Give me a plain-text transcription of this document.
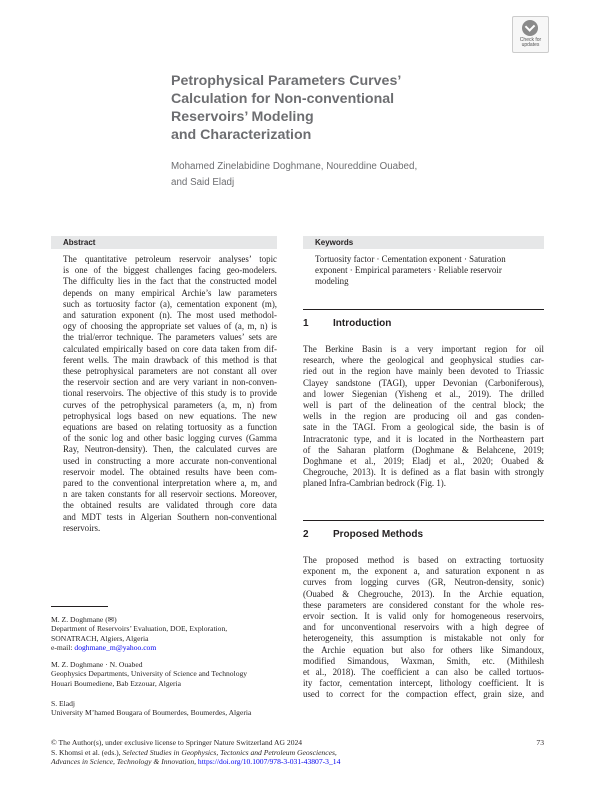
Check for
updates
Petrophysical Parameters Curves’
Calculation for Non-conventional
Reservoirs’ Modeling
and Characterization
Mohamed Zinelabidine Doghmane, Noureddine Ouabed,
and Said Eladj
Abstract
The quantitative petroleum reservoir analyses’ topic
is one of the biggest challenges facing geo-modelers.
The difficulty lies in the fact that the constructed model
depends on many empirical Archie’s law parameters
such as tortuosity factor (a), cementation exponent (m),
and saturation exponent (n). The most used methodol-
ogy of choosing the appropriate set values of (a, m, n) is
the trial/error technique. The parameters values’ sets are
calculated empirically based on core data taken from dif-
ferent wells. The main drawback of this method is that
these petrophysical parameters are not constant all over
the reservoir section and are very variant in non-conven-
tional reservoirs. The objective of this study is to provide
curves of the petrophysical parameters (a, m, n) from
petrophysical logs based on new equations. The new
equations are based on relating tortuosity as a function
of the sonic log and other basic logging curves (Gamma
Ray, Neutron-density). Then, the calculated curves are
used in constructing a more accurate non-conventional
reservoir model. The obtained results have been com-
pared to the conventional interpretation where a, m, and
n are taken constants for all reservoir sections. Moreover,
the obtained results are validated through core data
and MDT tests in Algerian Southern non-conventional
reservoirs.
Keywords
Tortuosity factor · Cementation exponent · Saturation
exponent · Empirical parameters · Reliable reservoir
modeling
1 Introduction
The Berkine Basin is a very important region for oil
research, where the geological and geophysical studies car-
ried out in the region have mainly been devoted to Triassic
Clayey sandstone (TAGI), upper Devonian (Carboniferous),
and lower Siegenian (Yisheng et al., 2019). The drilled
well is part of the delineation of the central block; the
wells in the region are producing oil and gas conden-
sate in the TAGI. From a geological side, the basin is of
Intracratonic type, and it is located in the Northeastern part
of the Saharan platform (Doghmane & Belahcene, 2019;
Doghmane et al., 2019; Eladj et al., 2020; Ouabed &
Chegrouche, 2013). It is defined as a flat basin with strongly
planed Infra-Cambrian bedrock (Fig. 1).
2 Proposed Methods
The proposed method is based on extracting tortuosity
exponent m, the exponent a, and saturation exponent n as
curves from logging curves (GR, Neutron-density, sonic)
(Ouabed & Chegrouche, 2013). In the Archie equation,
these parameters are considered constant for the whole res-
ervoir section. It is valid only for homogeneous reservoirs,
and for unconventional reservoirs with a high degree of
heterogeneity, this assumption is mistakable not only for
the Archie equation but also for others like Simandoux,
modified Simandous, Waxman, Smith, etc. (Mithilesh
et al., 2018). The coefficient a can also be called tortuos-
ity factor, cementation intercept, lithology coefficient. It is
used to correct for the compaction effect, grain size, and
M. Z. Doghmane (✉)
Department of Reservoirs’ Evaluation, DOE, Exploration,
SONATRACH, Algiers, Algeria
e-mail: doghmane_m@yahoo.com
M. Z. Doghmane · N. Ouabed
Geophysics Departments, University of Science and Technology
Houari Boumediene, Bab Ezzouar, Algeria
S. Eladj
University M’hamed Bougara of Boumerdes, Boumerdes, Algeria
© The Author(s), under exclusive license to Springer Nature Switzerland AG 2024
S. Khomsi et al. (eds.), Selected Studies in Geophysics, Tectonics and Petroleum Geosciences,
Advances in Science, Technology & Innovation, https://doi.org/10.1007/978-3-031-43807-3_14
73
